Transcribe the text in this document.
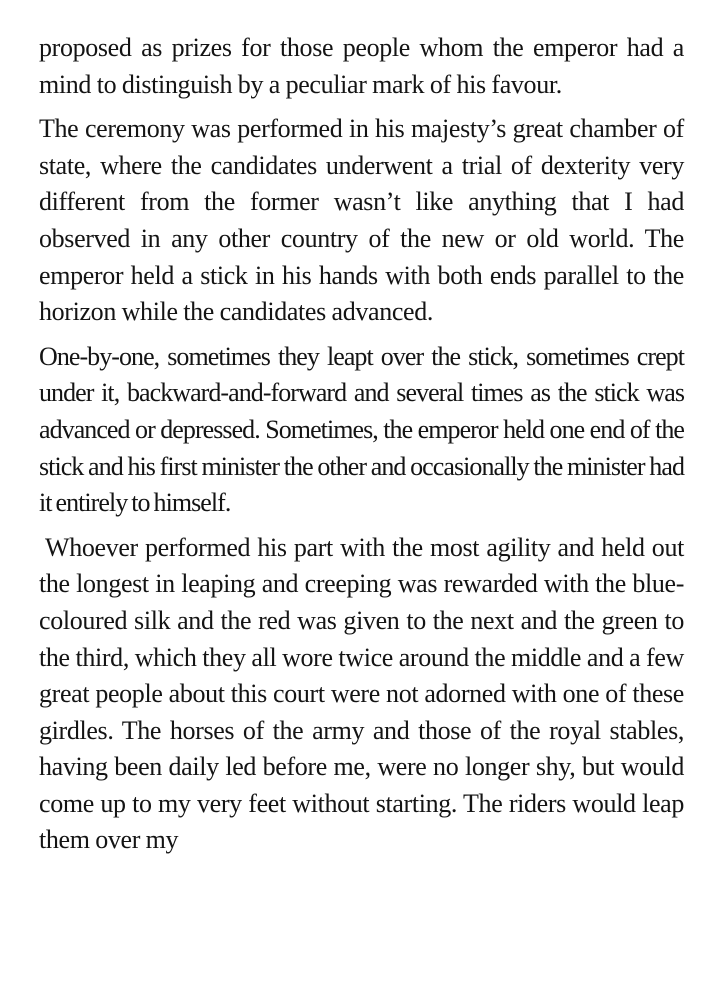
proposed as prizes for those people whom the emperor had a mind to distinguish by a peculiar mark of his favour.

The ceremony was performed in his majesty’s great chamber of state, where the candidates underwent a trial of dexterity very different from the former wasn’t like anything that I had observed in any other country of the new or old world. The emperor held a stick in his hands with both ends parallel to the horizon while the candidates advanced.

One-by-one, sometimes they leapt over the stick, sometimes crept under it, backward-and-forward and several times as the stick was advanced or depressed. Sometimes, the emperor held one end of the stick and his first minister the other and occasionally the minister had it entirely to himself.

Whoever performed his part with the most agility and held out the longest in leaping and creeping was rewarded with the blue-coloured silk and the red was given to the next and the green to the third, which they all wore twice around the middle and a few great people about this court were not adorned with one of these girdles. The horses of the army and those of the royal stables, having been daily led before me, were no longer shy, but would come up to my very feet without starting. The riders would leap them over my
